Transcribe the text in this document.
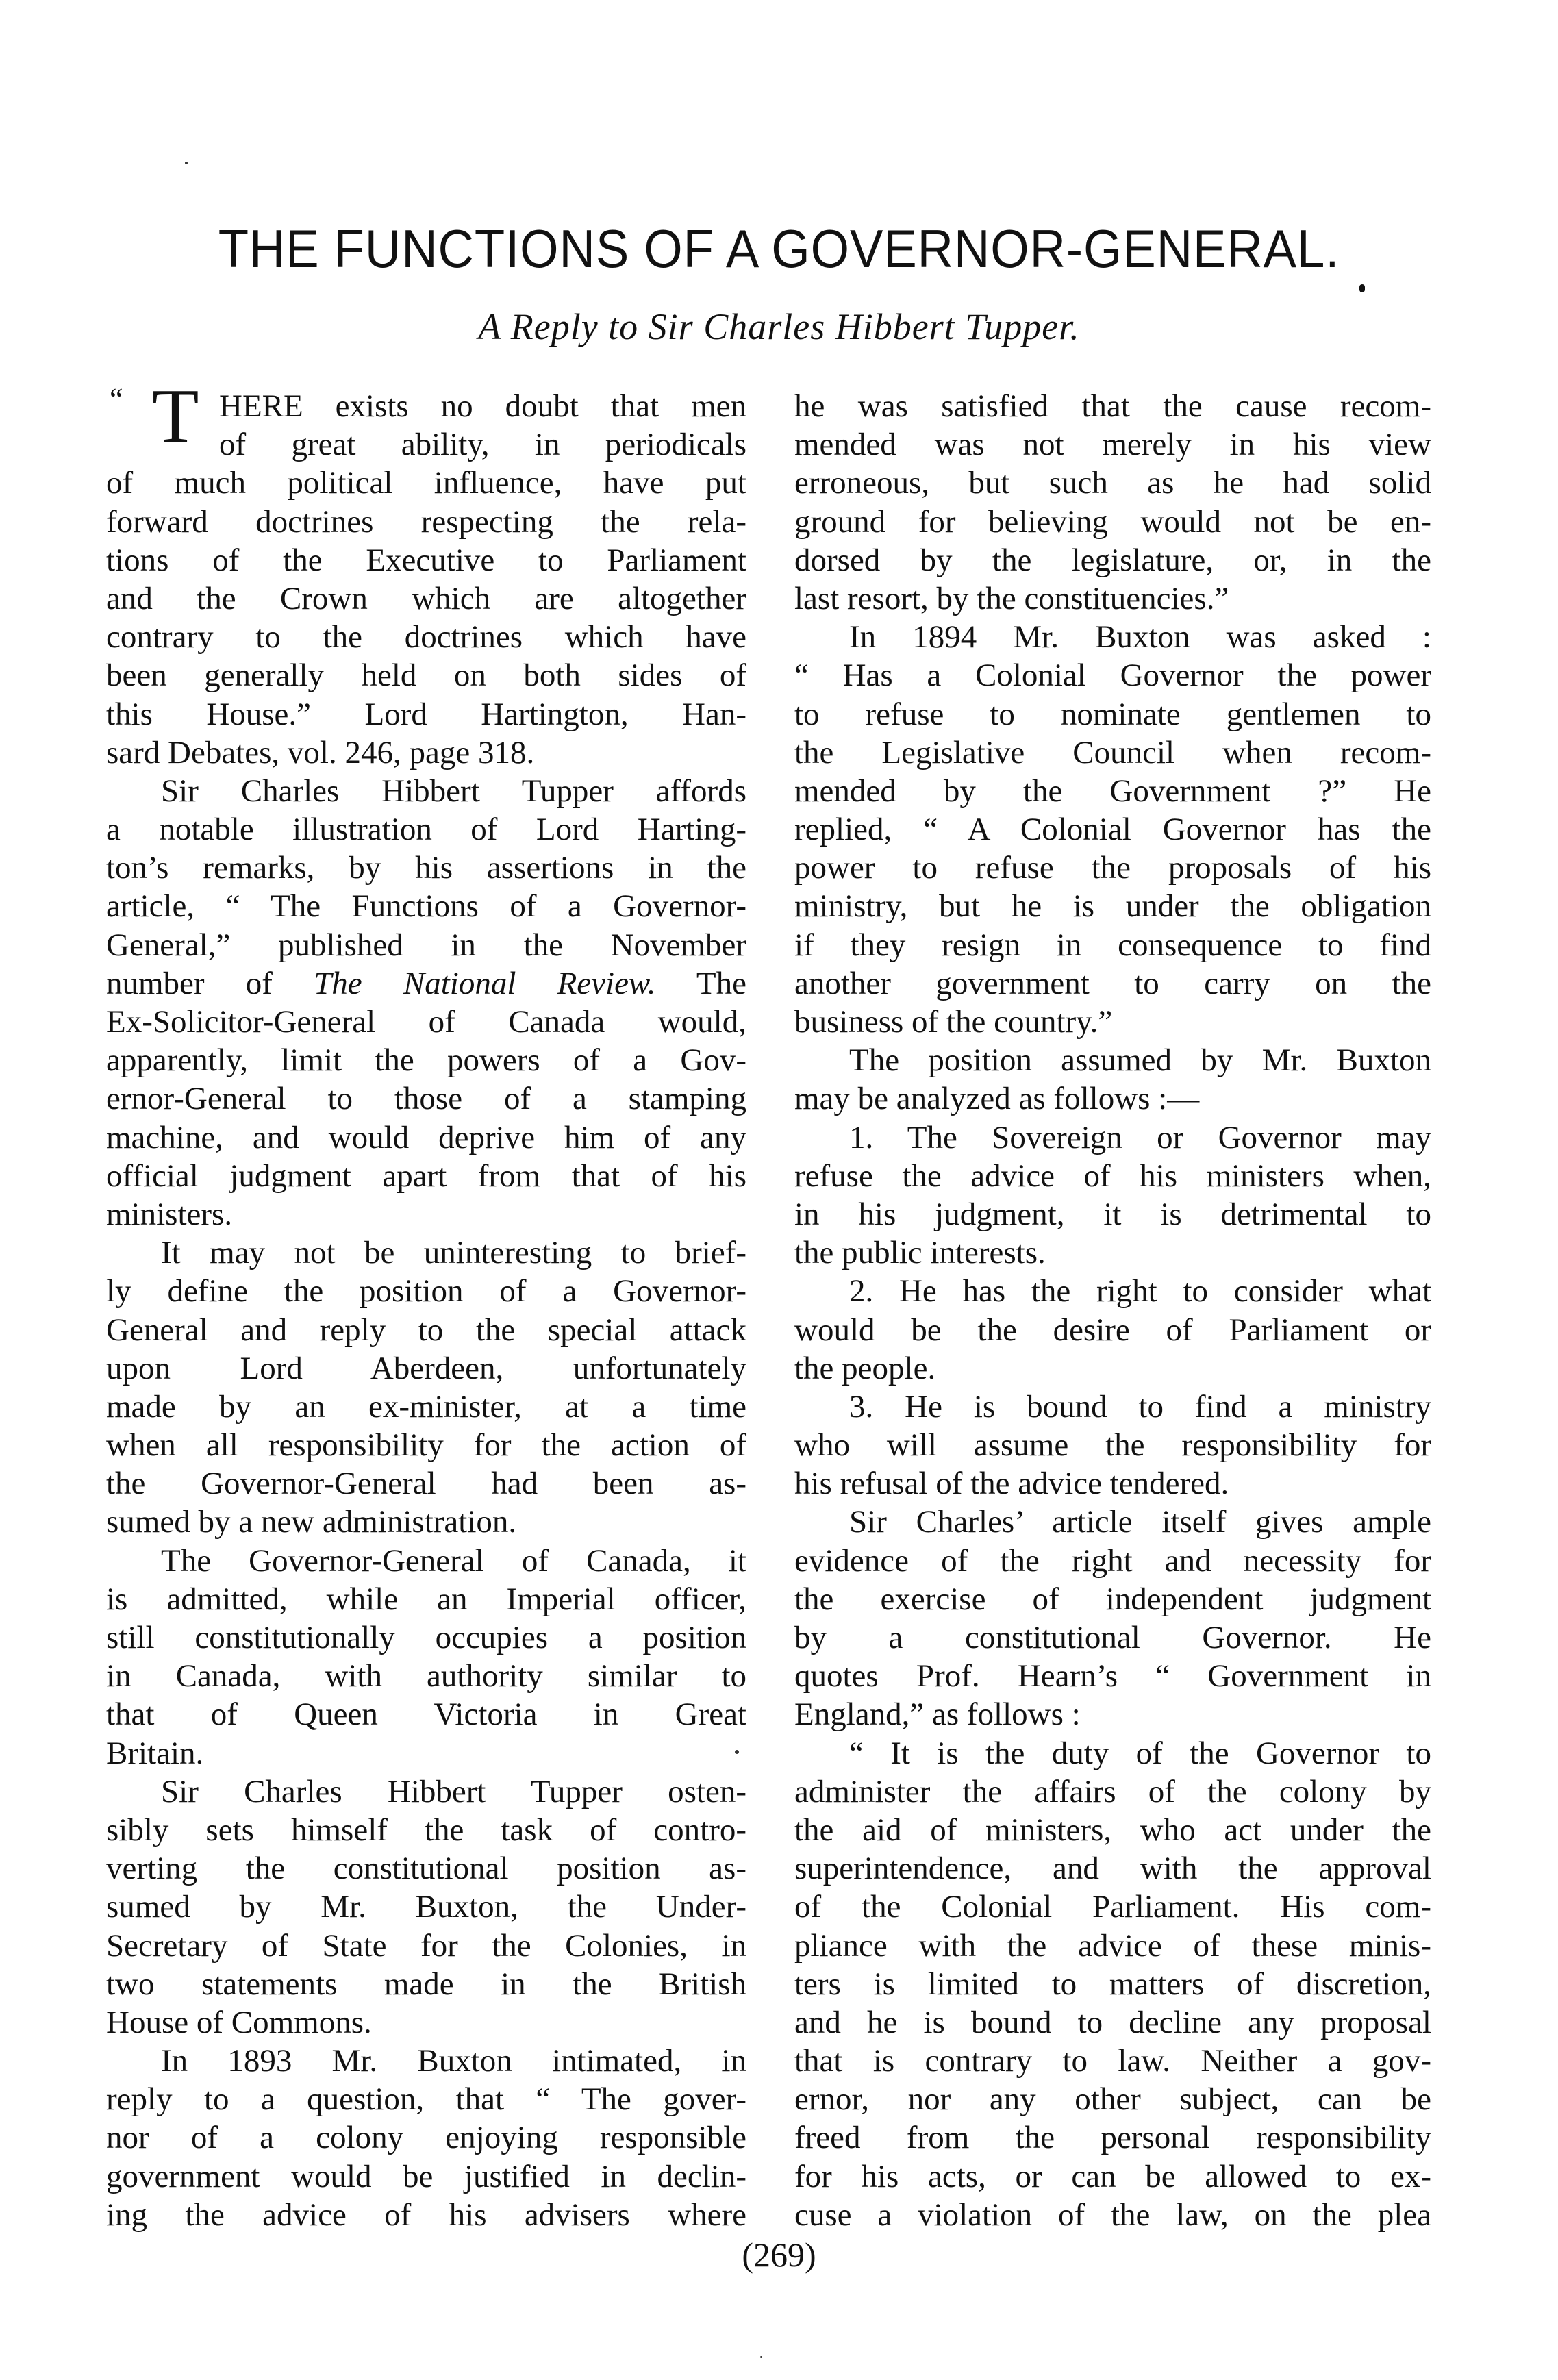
THE FUNCTIONS OF A GOVERNOR-GENERAL.
A Reply to Sir Charles Hibbert Tupper.
“ T HERE exists no doubt that men
of great ability, in periodicals
of much political influence, have put
forward doctrines respecting the rela-
tions of the Executive to Parliament
and the Crown which are altogether
contrary to the doctrines which have
been generally held on both sides of
this House.” Lord Hartington, Han-
sard Debates, vol. 246, page 318.
Sir Charles Hibbert Tupper affords
a notable illustration of Lord Harting-
ton’s remarks, by his assertions in the
article, “ The Functions of a Governor-
General,” published in the November
number of The National Review. The
Ex-Solicitor-General of Canada would,
apparently, limit the powers of a Gov-
ernor-General to those of a stamping
machine, and would deprive him of any
official judgment apart from that of his
ministers.
It may not be uninteresting to brief-
ly define the position of a Governor-
General and reply to the special attack
upon Lord Aberdeen, unfortunately
made by an ex-minister, at a time
when all responsibility for the action of
the Governor-General had been as-
sumed by a new administration.
The Governor-General of Canada, it
is admitted, while an Imperial officer,
still constitutionally occupies a position
in Canada, with authority similar to
that of Queen Victoria in Great
Britain.
Sir Charles Hibbert Tupper osten-
sibly sets himself the task of contro-
verting the constitutional position as-
sumed by Mr. Buxton, the Under-
Secretary of State for the Colonies, in
two statements made in the British
House of Commons.
In 1893 Mr. Buxton intimated, in
reply to a question, that “ The gover-
nor of a colony enjoying responsible
government would be justified in declin-
ing the advice of his advisers where
he was satisfied that the cause recom-
mended was not merely in his view
erroneous, but such as he had solid
ground for believing would not be en-
dorsed by the legislature, or, in the
last resort, by the constituencies.”
In 1894 Mr. Buxton was asked :
“ Has a Colonial Governor the power
to refuse to nominate gentlemen to
the Legislative Council when recom-
mended by the Government ?” He
replied, “ A Colonial Governor has the
power to refuse the proposals of his
ministry, but he is under the obligation
if they resign in consequence to find
another government to carry on the
business of the country.”
The position assumed by Mr. Buxton
may be analyzed as follows :—
1. The Sovereign or Governor may
refuse the advice of his ministers when,
in his judgment, it is detrimental to
the public interests.
2. He has the right to consider what
would be the desire of Parliament or
the people.
3. He is bound to find a ministry
who will assume the responsibility for
his refusal of the advice tendered.
Sir Charles’ article itself gives ample
evidence of the right and necessity for
the exercise of independent judgment
by a constitutional Governor. He
quotes Prof. Hearn’s “ Government in
England,” as follows :
“ It is the duty of the Governor to
administer the affairs of the colony by
the aid of ministers, who act under the
superintendence, and with the approval
of the Colonial Parliament. His com-
pliance with the advice of these minis-
ters is limited to matters of discretion,
and he is bound to decline any proposal
that is contrary to law. Neither a gov-
ernor, nor any other subject, can be
freed from the personal responsibility
for his acts, or can be allowed to ex-
cuse a violation of the law, on the plea
(269)
